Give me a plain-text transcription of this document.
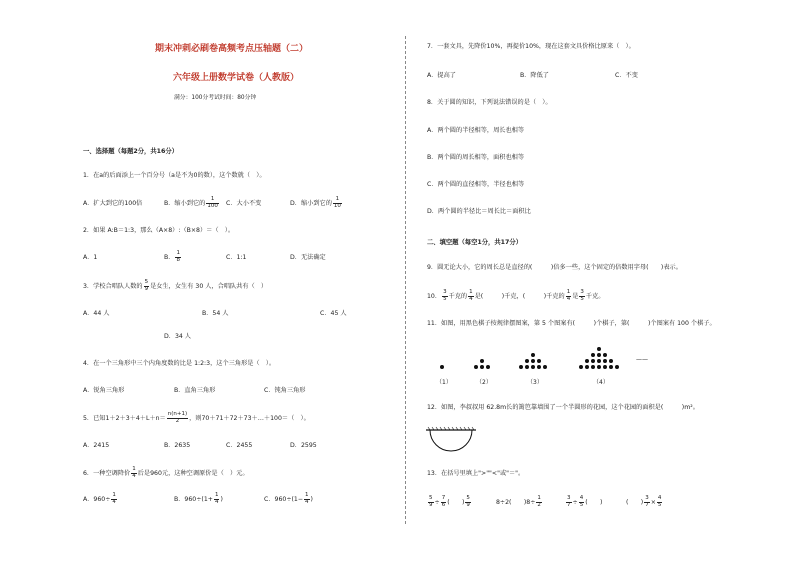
期末冲刺必刷卷高频考点压轴题（二）
六年级上册数学试卷（人教版）
满分：100分考试时间：80分钟
一、选择题（每题2分，共16分）
1．在a的后面添上一个百分号（a是不为0的数），这个数就（　）。
A．扩大到它的100倍	B．缩小到它的 $\frac{1}{100}$ C．大小不变	D．缩小到它的 $\frac{1}{10}$
2．如果 A:B＝1:3，那么（A×8）:（B×8）＝（　）。
A．1	B． $\frac{1}{8}$	C．1:1	D．无法确定
3．学校合唱队人数的 $\frac{5}{9}$ 是女生，女生有 30 人，合唱队共有（　）
A．44 人	B．54 人	C．45 人
D．34 人
4．在一个三角形中三个内角度数的比是 1:2:3，这个三角形是（　）。
A．锐角三角形	B．直角三角形	C．钝角三角形
5．已知$1+2+3+4+L+n= \frac{n(n+1)}{2}$ ，则70＋71＋72＋73＋…＋100＝（　）。
A．2415	B．2635	C．2455	D．2595
6．一种空调降价 $\frac{1}{4}$ 后是960元，这种空调原价是（　）元。
A．$960\div \frac{1}{4}$	B．$960\div(1+ \frac{1}{4}$ )	C．$960\div(1- \frac{1}{4}$ )
7．一套文具，先降价10%，再提价10%，现在这套文具价格比原来（　）。
A．提高了	B．降低了	C．不变
8．关于圆的知识，下列说法错误的是（　）。
A．两个圆的半径相等，周长也相等
B．两个圆的周长相等，面积也相等
C．两个圆的直径相等，半径也相等
D．两个圆的半径比＝周长比＝面积比
二、填空题（每空1分，共17分）
9．圆无论大小，它的周长总是直径的(　　　)倍多一些，这个固定的倍数用字母(　　)表示。
10． $\frac{3}{5}$ 千克的 $\frac{1}{4}$ 是(　　　)千克，(　　　)千克的 $\frac{1}{4}$ 是 $\frac{3}{5}$ 千克。
11．如图，用黑色棋子按规律摆图案，第 5 个图案有(　　　)个棋子，第(　　　)个图案有 100 个棋子。
（1）	（2）	（3）	（4）
——
12．如图，李叔叔用 62.8m长的篱笆靠墙围了一个半圆形的花园，这个花园的面积是(　　　)m²。
13．在括号里填上">""<"或"＝"。
$\frac{5}{9} \div \frac{7}{6}$ (　　) $\frac{5}{9}$	8÷2(　　)$8\div \frac{1}{2}$	$\frac{3}{7} \div \frac{4}{5}$ (　　)	(　　) $\frac{3}{7} \times \frac{4}{5}$
